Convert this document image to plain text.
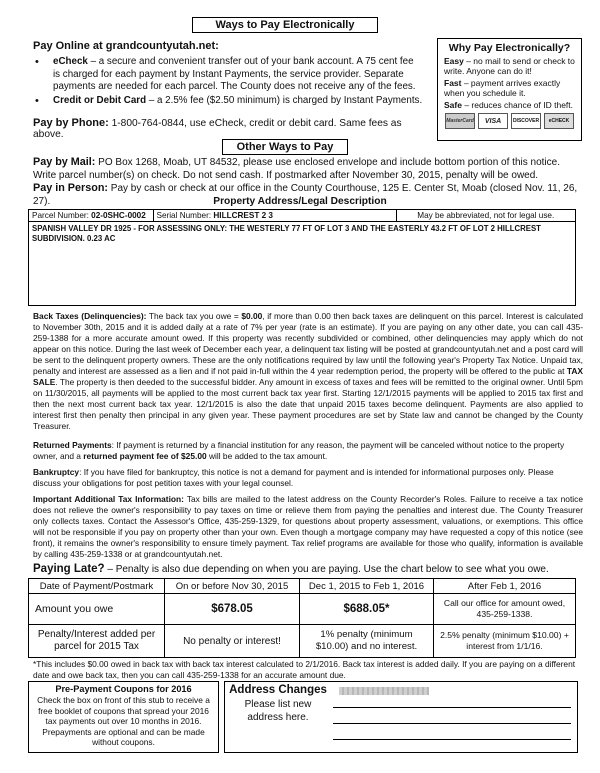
Ways to Pay Electronically
Pay Online at grandcountyutah.net:
• eCheck – a secure and convenient transfer out of your bank account. A 75 cent fee is charged for each payment by Instant Payments, the service provider. Separate payments are needed for each parcel. The County does not receive any of the fees.
• Credit or Debit Card – a 2.5% fee ($2.50 minimum) is charged by Instant Payments.
Pay by Phone: 1-800-764-0844, use eCheck, credit or debit card. Same fees as above.
Why Pay Electronically?

Easy – no mail to send or check to write. Anyone can do it!

Fast – payment arrives exactly when you schedule it.

Safe – reduces chance of ID theft.

MasterCard	VISA	DISCOVER	eCHECK
Other Ways to Pay
Pay by Mail: PO Box 1268, Moab, UT 84532, please use enclosed envelope and include bottom portion of this notice.
Write parcel number(s) on check. Do not send cash. If postmarked after November 30, 2015, penalty will be owed.
Pay in Person: Pay by cash or check at our office in the County Courthouse, 125 E. Center St, Moab (closed Nov. 11, 26, 27).	Property Address/Legal Description
Parcel Number: 02-0SHC-0002	Serial Number: HILLCREST 2 3	May be abbreviated, not for legal use.
SPANISH VALLEY DR 1925 - FOR ASSESSING ONLY: THE WESTERLY 77 FT OF LOT 3 AND THE EASTERLY 43.2 FT OF LOT 2 HILLCREST SUBDIVISION. 0.23 AC
Back Taxes (Delinquencies): The back tax you owe = $0.00, if more than 0.00 then back taxes are delinquent on this parcel. Interest is calculated to November 30th, 2015 and it is added daily at a rate of 7% per year (rate is an estimate). If you are paying on any other date, you can call 435-259-1388 for a more accurate amount owed. If this property was recently subdivided or combined, other delinquencies may apply which do not appear on this notice. During the last week of December each year, a delinquent tax listing will be posted at grandcountyutah.net and a post card will be sent to the delinquent property owners. These are the only notifications required by law until the following year's Property Tax Notice. Unpaid tax, penalty and interest are assessed as a lien and if not paid in-full within the 4 year redemption period, the property will be offered to the public at TAX SALE. The property is then deeded to the successful bidder. Any amount in excess of taxes and fees will be remitted to the original owner. Until 5pm on 11/30/2015, all payments will be applied to the most current back tax year first. Starting 12/1/2015 payments will be applied to 2015 tax first and then the next most current back tax year. 12/1/2015 is also the date that unpaid 2015 taxes become delinquent. Payments are also applied to interest first then penalty then principal in any given year. These payment procedures are set by State law and cannot be changed by the County Treasurer.
Returned Payments: If payment is returned by a financial institution for any reason, the payment will be canceled without notice to the property owner, and a returned payment fee of $25.00 will be added to the tax amount.
Bankruptcy: If you have filed for bankruptcy, this notice is not a demand for payment and is intended for informational purposes only. Please discuss your obligations for post petition taxes with your legal counsel.
Important Additional Tax Information: Tax bills are mailed to the latest address on the County Recorder's Roles. Failure to receive a tax notice does not relieve the owner's responsibility to pay taxes on time or relieve them from paying the penalties and interest due. The County Treasurer only collects taxes. Contact the Assessor's Office, 435-259-1329, for questions about property assessment, valuations, or exemptions. This office will not be responsible if you pay on property other than your own. Even though a mortgage company may have requested a copy of this notice (see front), it remains the owner's responsibility to ensure timely payment. Tax relief programs are available for those who qualify, information is available by calling 435-259-1338 or at grandcountyutah.net.
Paying Late? – Penalty is also due depending on when you are paying. Use the chart below to see what you owe.
Date of Payment/Postmark	On or before Nov 30, 2015	Dec 1, 2015 to Feb 1, 2016	After Feb 1, 2016
Amount you owe	$678.05	$688.05*	Call our office for amount owed, 435-259-1338.
Penalty/Interest added per parcel for 2015 Tax	No penalty or interest!	1% penalty (minimum $10.00) and no interest.	2.5% penalty (minimum $10.00) + interest from 1/1/16.
*This includes $0.00 owed in back tax with back tax interest calculated to 2/1/2016. Back tax interest is added daily. If you are paying on a different date and owe back tax, then you can call 435-259-1338 for an accurate amount due.
Pre-Payment Coupons for 2016
Check the box on front of this stub to receive a free booklet of coupons that spread your 2016 tax payments out over 10 months in 2016. Prepayments are optional and can be made without coupons.
Address Changes
Please list new address here.
